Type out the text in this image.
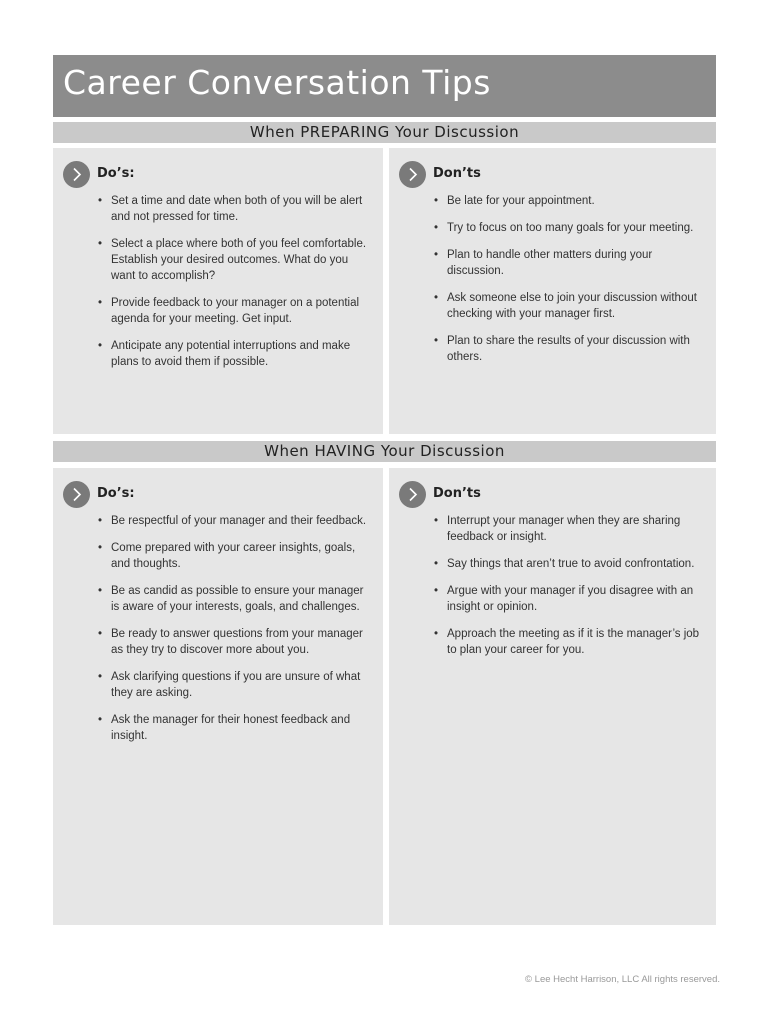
Career Conversation Tips
When PREPARING Your Discussion
Do’s:
• Set a time and date when both of you will be alert and not pressed for time.
• Select a place where both of you feel comfortable. Establish your desired outcomes. What do you want to accomplish?
• Provide feedback to your manager on a potential agenda for your meeting. Get input.
• Anticipate any potential interruptions and make plans to avoid them if possible.
Don’ts
• Be late for your appointment.
• Try to focus on too many goals for your meeting.
• Plan to handle other matters during your discussion.
• Ask someone else to join your discussion without checking with your manager first.
• Plan to share the results of your discussion with others.
When HAVING Your Discussion
Do’s:
• Be respectful of your manager and their feedback.
• Come prepared with your career insights, goals, and thoughts.
• Be as candid as possible to ensure your manager is aware of your interests, goals, and challenges.
• Be ready to answer questions from your manager as they try to discover more about you.
• Ask clarifying questions if you are unsure of what they are asking.
• Ask the manager for their honest feedback and insight.
Don’ts
• Interrupt your manager when they are sharing feedback or insight.
• Say things that aren’t true to avoid confrontation.
• Argue with your manager if you disagree with an insight or opinion.
• Approach the meeting as if it is the manager’s job to plan your career for you.
© Lee Hecht Harrison, LLC All rights reserved.
